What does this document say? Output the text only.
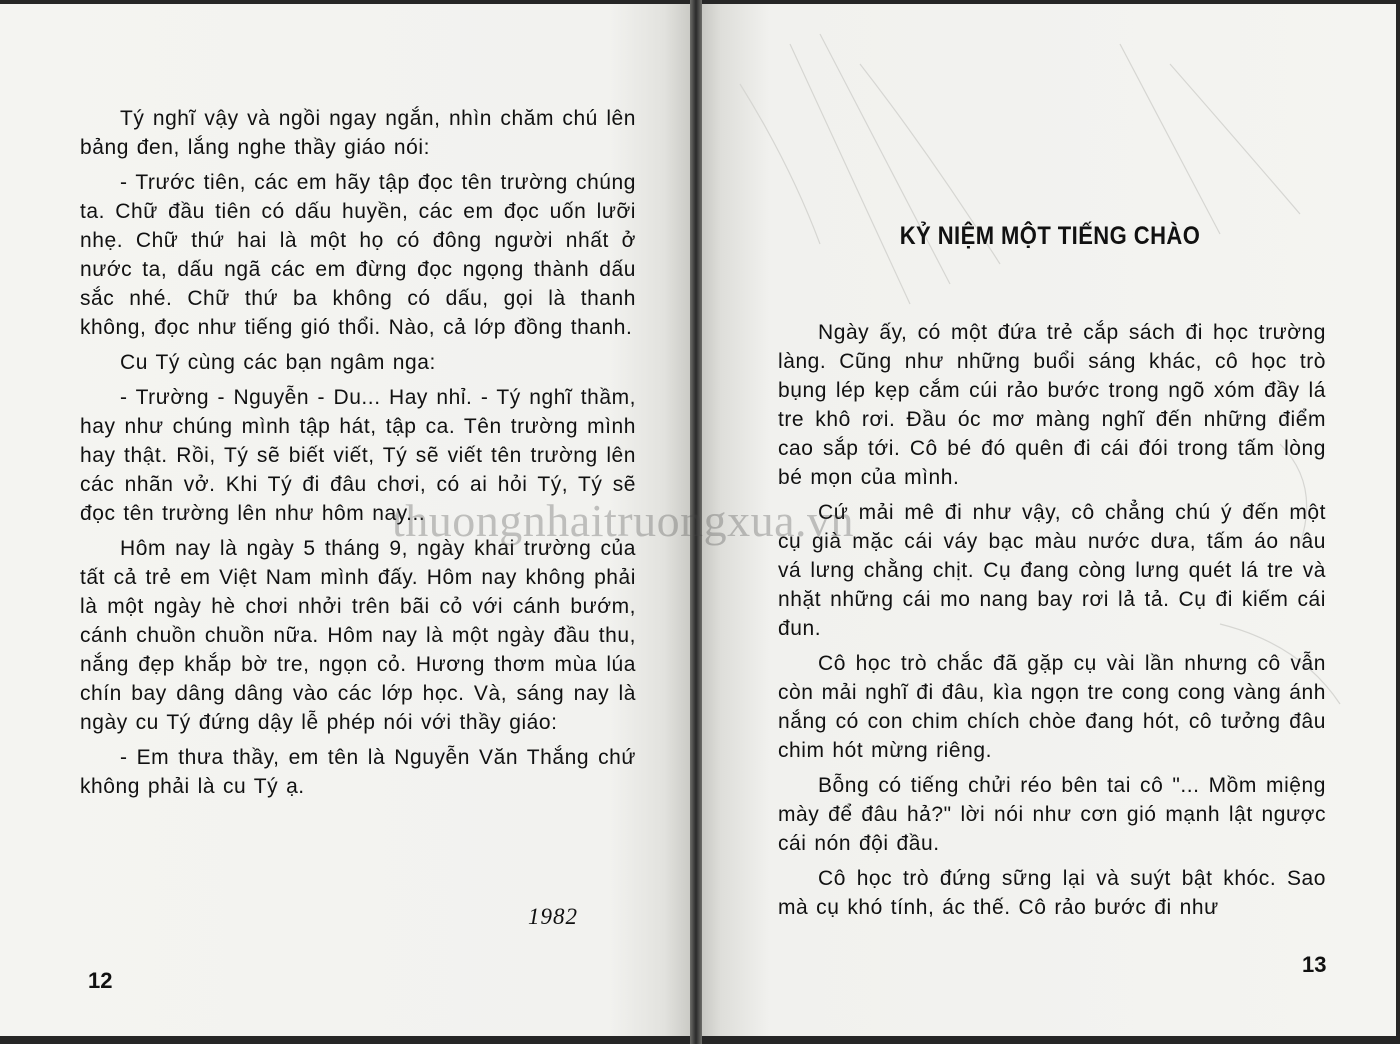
Tý nghĩ vậy và ngồi ngay ngắn, nhìn chăm chú lên bảng đen, lắng nghe thầy giáo nói:

- Trước tiên, các em hãy tập đọc tên trường chúng ta. Chữ đầu tiên có dấu huyền, các em đọc uốn lưỡi nhẹ. Chữ thứ hai là một họ có đông người nhất ở nước ta, dấu ngã các em đừng đọc ngọng thành dấu sắc nhé. Chữ thứ ba không có dấu, gọi là thanh không, đọc như tiếng gió thổi. Nào, cả lớp đồng thanh.

Cu Tý cùng các bạn ngâm nga:

- Trường - Nguyễn - Du... Hay nhỉ. - Tý nghĩ thầm, hay như chúng mình tập hát, tập ca. Tên trường mình hay thật. Rồi, Tý sẽ biết viết, Tý sẽ viết tên trường lên các nhãn vở. Khi Tý đi đâu chơi, có ai hỏi Tý, Tý sẽ đọc tên trường lên như hôm nay...

Hôm nay là ngày 5 tháng 9, ngày khai trường của tất cả trẻ em Việt Nam mình đấy. Hôm nay không phải là một ngày hè chơi nhởi trên bãi cỏ với cánh bướm, cánh chuồn chuồn nữa. Hôm nay là một ngày đầu thu, nắng đẹp khắp bờ tre, ngọn cỏ. Hương thơm mùa lúa chín bay dâng dâng vào các lớp học. Và, sáng nay là ngày cu Tý đứng dậy lễ phép nói với thầy giáo:

- Em thưa thầy, em tên là Nguyễn Văn Thắng chứ không phải là cu Tý ạ.

1982
12
KỶ NIỆM MỘT TIẾNG CHÀO

Ngày ấy, có một đứa trẻ cắp sách đi học trường làng. Cũng như những buổi sáng khác, cô học trò bụng lép kẹp cắm cúi rảo bước trong ngõ xóm đầy lá tre khô rơi. Đầu óc mơ màng nghĩ đến những điểm cao sắp tới. Cô bé đó quên đi cái đói trong tấm lòng bé mọn của mình.

Cứ mải mê đi như vậy, cô chẳng chú ý đến một cụ già mặc cái váy bạc màu nước dưa, tấm áo nâu vá lưng chằng chịt. Cụ đang còng lưng quét lá tre và nhặt những cái mo nang bay rơi lả tả. Cụ đi kiếm cái đun.

Cô học trò chắc đã gặp cụ vài lần nhưng cô vẫn còn mải nghĩ đi đâu, kìa ngọn tre cong cong vàng ánh nắng có con chim chích chòe đang hót, cô tưởng đâu chim hót mừng riêng.

Bỗng có tiếng chửi réo bên tai cô "... Mồm miệng mày để đâu hả?" lời nói như cơn gió mạnh lật ngược cái nón đội đầu.

Cô học trò đứng sững lại và suýt bật khóc. Sao mà cụ khó tính, ác thế. Cô rảo bước đi như

13
thuongnhaitruongxua.vn
